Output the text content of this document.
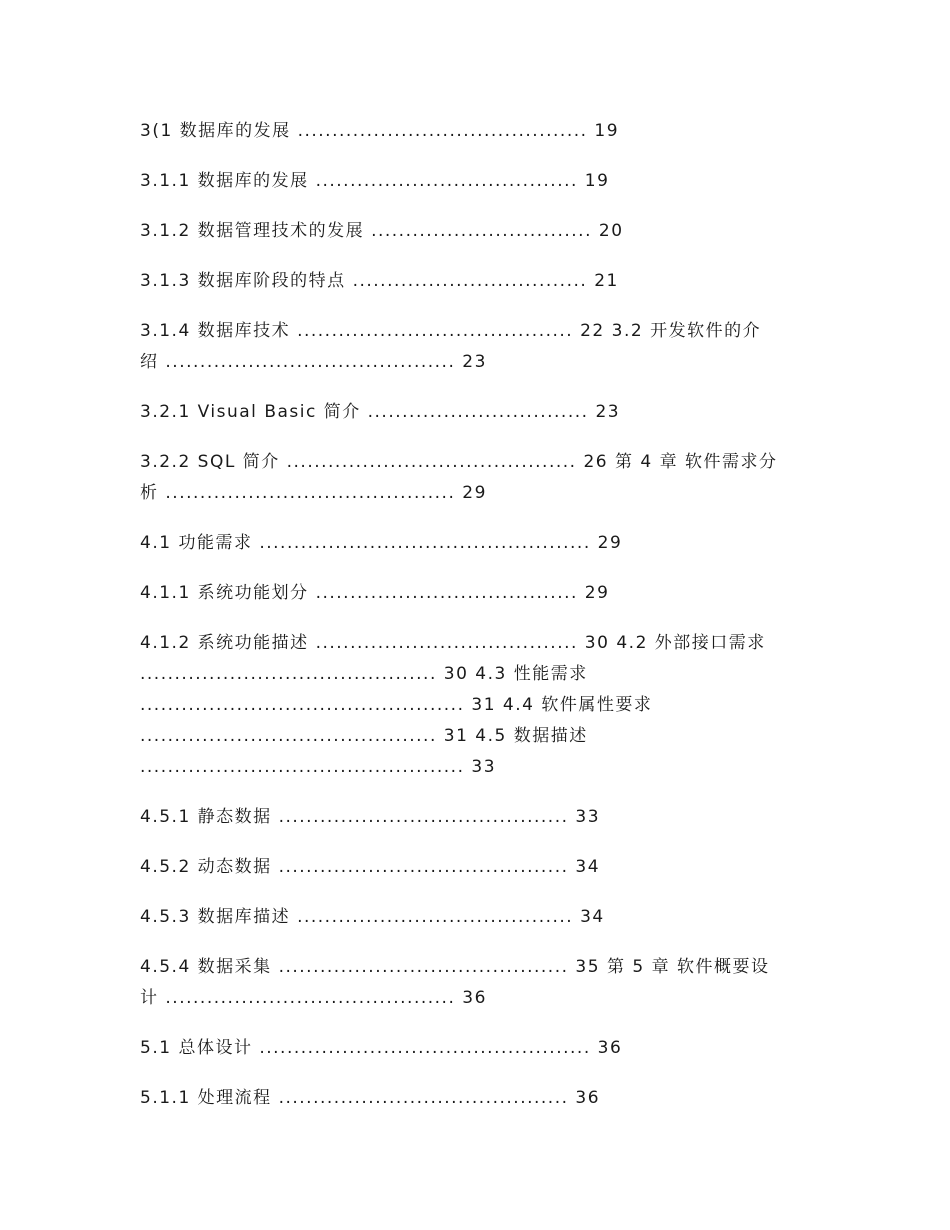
3(1 数据库的发展 .......................................... 19

3.1.1 数据库的发展 ...................................... 19

3.1.2 数据管理技术的发展 ................................ 20

3.1.3 数据库阶段的特点 .................................. 21

3.1.4 数据库技术 ........................................ 22 3.2 开发软件的介

绍 .......................................... 23

3.2.1 Visual Basic 简介 ................................ 23

3.2.2 SQL 简介 .......................................... 26 第 4 章 软件需求分

析 .......................................... 29

4.1 功能需求 ................................................ 29

4.1.1 系统功能划分 ...................................... 29

4.1.2 系统功能描述 ...................................... 30 4.2 外部接口需求

........................................... 30 4.3 性能需求

............................................... 31 4.4 软件属性要求

........................................... 31 4.5 数据描述

............................................... 33

4.5.1 静态数据 .......................................... 33

4.5.2 动态数据 .......................................... 34

4.5.3 数据库描述 ........................................ 34

4.5.4 数据采集 .......................................... 35 第 5 章 软件概要设

计 .......................................... 36

5.1 总体设计 ................................................ 36

5.1.1 处理流程 .......................................... 36
